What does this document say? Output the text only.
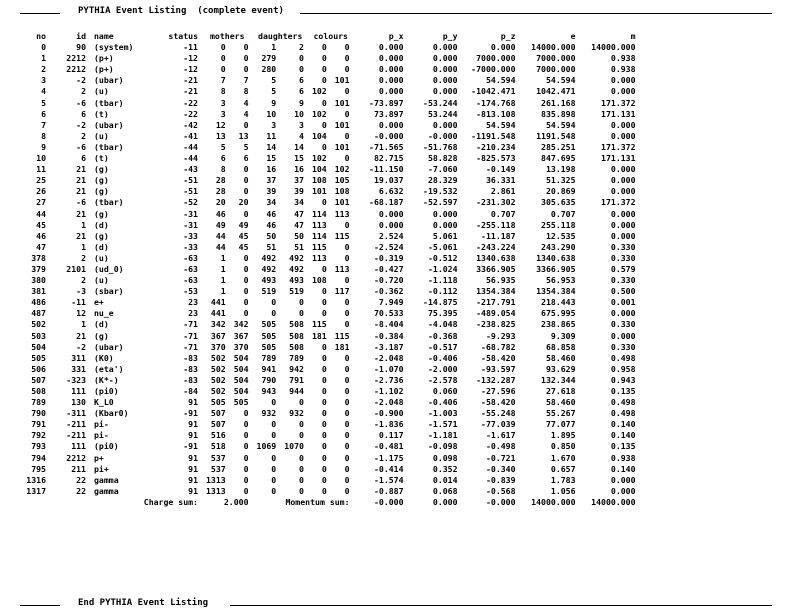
PYTHIA Event Listing  (complete event)
no	id	name	status	mothers		daughters		colours		p_x	p_y	p_z	e	m
0	90	(system)	-11	0	0	1	2	0	0	0.000	0.000	0.000	14000.000	14000.000
1	2212	(p+)	-12	0	0	279	0	0	0	0.000	0.000	7000.000	7000.000	0.938
2	2212	(p+)	-12	0	0	280	0	0	0	0.000	0.000	-7000.000	7000.000	0.938
3	-2	(ubar)	-21	7	7	5	6	0	101	0.000	0.000	54.594	54.594	0.000
4	2	(u)	-21	8	8	5	6	102	0	0.000	0.000	-1042.471	1042.471	0.000
5	-6	(tbar)	-22	3	4	9	9	0	101	-73.897	-53.244	-174.768	261.168	171.372
6	6	(t)	-22	3	4	10	10	102	0	73.897	53.244	-813.108	835.898	171.131
7	-2	(ubar)	-42	12	0	3	3	0	101	0.000	0.000	54.594	54.594	0.000
8	2	(u)	-41	13	13	11	4	104	0	-0.000	-0.000	-1191.548	1191.548	0.000
9	-6	(tbar)	-44	5	5	14	14	0	101	-71.565	-51.768	-210.234	285.251	171.372
10	6	(t)	-44	6	6	15	15	102	0	82.715	58.828	-825.573	847.695	171.131
11	21	(g)	-43	8	0	16	16	104	102	-11.150	-7.060	-0.149	13.198	0.000
25	21	(g)	-51	28	0	37	37	108	105	19.037	28.329	36.331	51.325	0.000
26	21	(g)	-51	28	0	39	39	101	108	6.632	-19.532	2.861	20.869	0.000
27	-6	(tbar)	-52	20	20	34	34	0	101	-68.187	-52.597	-231.302	305.635	171.372
44	21	(g)	-31	46	0	46	47	114	113	0.000	0.000	0.707	0.707	0.000
45	1	(d)	-31	49	49	46	47	113	0	0.000	0.000	-255.118	255.118	0.000
46	21	(g)	-33	44	45	50	50	114	115	2.524	5.061	-11.187	12.535	0.000
47	1	(d)	-33	44	45	51	51	115	0	-2.524	-5.061	-243.224	243.290	0.330
378	2	(u)	-63	1	0	492	492	113	0	-0.319	-0.512	1340.638	1340.638	0.330
379	2101	(ud_0)	-63	1	0	492	492	0	113	-0.427	-1.024	3366.905	3366.905	0.579
380	2	(u)	-63	1	0	493	493	108	0	-0.720	-1.118	56.935	56.953	0.330
381	-3	(sbar)	-53	1	0	519	519	0	117	-0.362	-0.112	1354.384	1354.384	0.500
486	-11	e+	23	441	0	0	0	0	0	7.949	-14.875	-217.791	218.443	0.001
487	12	nu_e	23	441	0	0	0	0	0	70.533	75.395	-489.054	675.995	0.000
502	1	(d)	-71	342	342	505	508	115	0	-8.404	-4.048	-238.825	238.865	0.330
503	21	(g)	-71	367	367	505	508	181	115	-0.384	-0.368	-9.293	9.309	0.000
504	-2	(ubar)	-71	370	370	505	508	0	181	-3.187	-0.517	-68.782	68.858	0.330
505	311	(K0)	-83	502	504	789	789	0	0	-2.048	-0.406	-58.420	58.460	0.498
506	331	(eta')	-83	502	504	941	942	0	0	-1.070	-2.000	-93.597	93.629	0.958
507	-323	(K*-)	-83	502	504	790	791	0	0	-2.736	-2.578	-132.287	132.344	0.943
508	111	(pi0)	-84	502	504	943	944	0	0	-1.102	0.060	-27.596	27.618	0.135
789	130	K_L0	91	505	505	0	0	0	0	-2.048	-0.406	-58.420	58.460	0.498
790	-311	(Kbar0)	-91	507	0	932	932	0	0	-0.900	-1.003	-55.248	55.267	0.498
791	-211	pi-	91	507	0	0	0	0	0	-1.836	-1.571	-77.039	77.077	0.140
792	-211	pi-	91	516	0	0	0	0	0	0.117	-1.181	-1.617	1.895	0.140
793	111	(pi0)	-91	518	0	1069	1070	0	0	-0.481	-0.098	-0.498	0.850	0.135
794	2212	p+	91	537	0	0	0	0	0	-1.175	0.098	-0.721	1.670	0.938
795	211	pi+	91	537	0	0	0	0	0	-0.414	0.352	-0.340	0.657	0.140
1316	22	gamma	91	1313	0	0	0	0	0	-1.574	0.014	-0.839	1.783	0.000
1317	22	gamma	91	1313	0	0	0	0	0	-0.887	0.068	-0.568	1.056	0.000
Charge sum:				2.000		Momentum sum:				-0.000	0.000	-0.000	14000.000	14000.000
End PYTHIA Event Listing
